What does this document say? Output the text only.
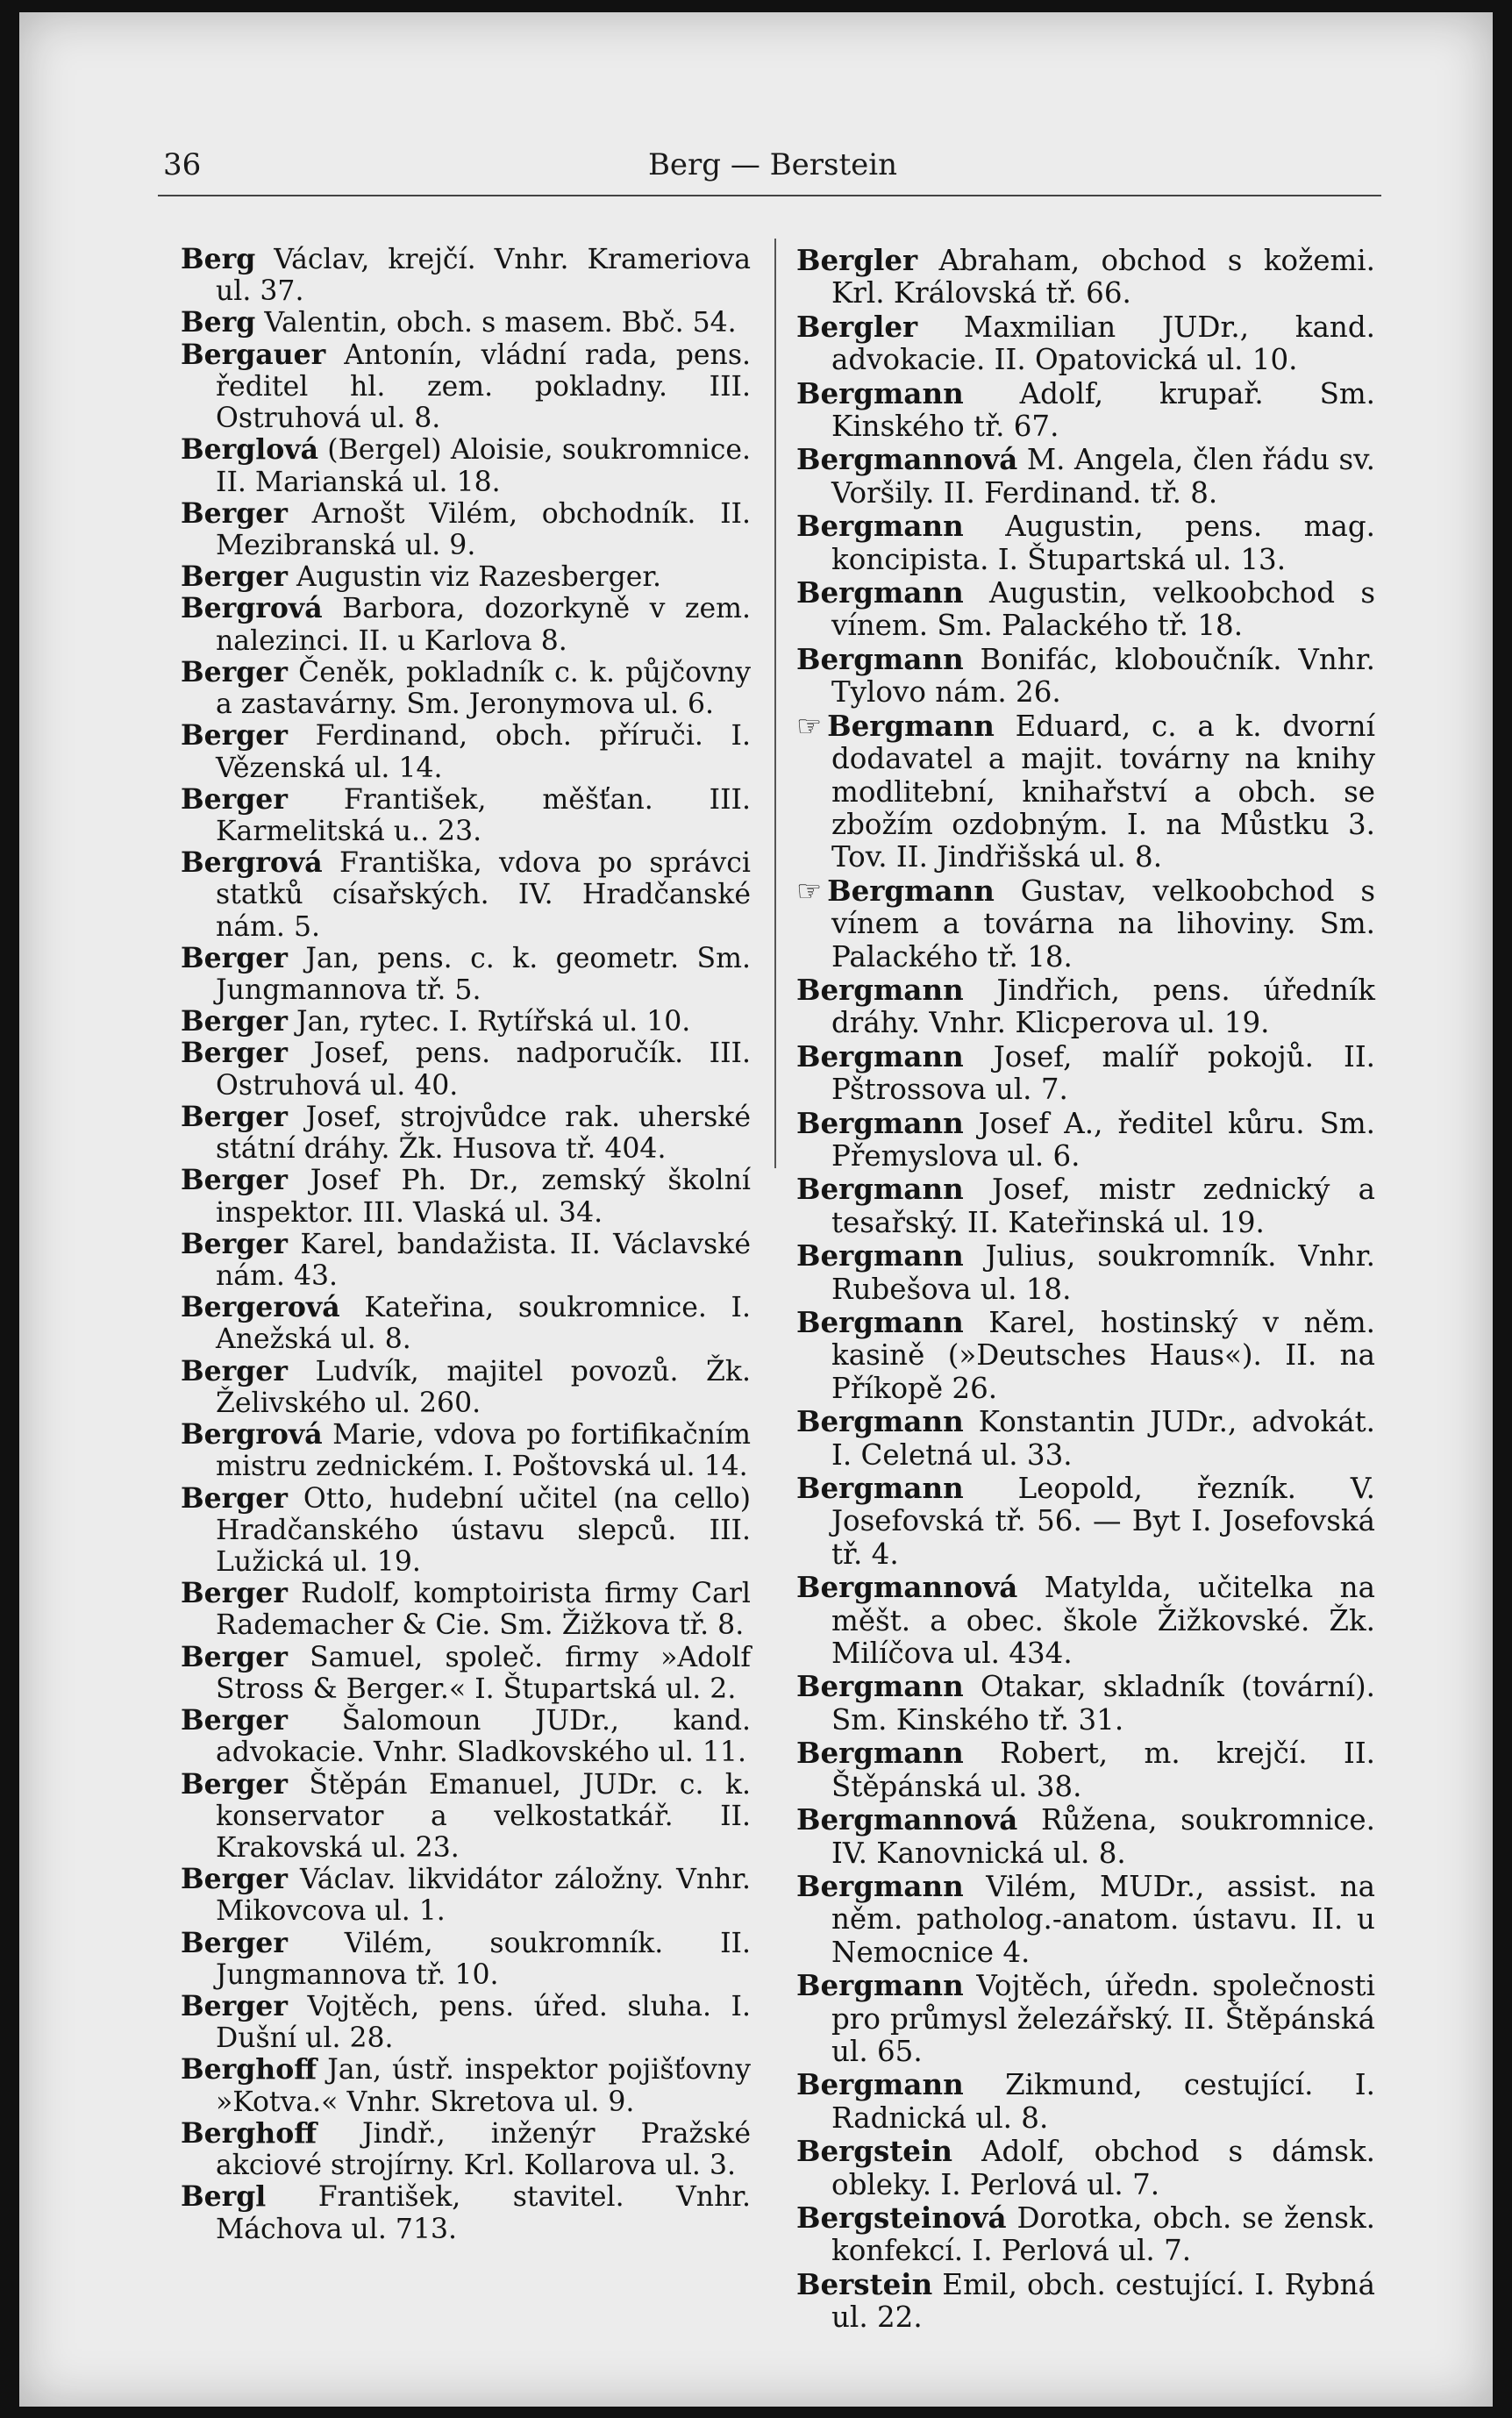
36	Berg — Berstein

Berg Václav, krejčí. Vnhr. Krameriova ul. 37.

Berg Valentin, obch. s masem. Bbč. 54.

Bergauer Antonín, vládní rada, pens. ředitel hl. zem. pokladny. III. Ostruhová ul. 8.

Berglová (Bergel) Aloisie, soukromnice. II. Marianská ul. 18.

Berger Arnošt Vilém, obchodník. II. Mezibranská ul. 9.

Berger Augustin viz Razesberger.

Bergrová Barbora, dozorkyně v zem. nalezinci. II. u Karlova 8.

Berger Čeněk, pokladník c. k. půjčovny a zastavárny. Sm. Jeronymova ul. 6.

Berger Ferdinand, obch. příruči. I. Vězenská ul. 14.

Berger František, měšťan. III. Karmelitská u.. 23.

Bergrová Františka, vdova po správci statků císařských. IV. Hradčanské nám. 5.

Berger Jan, pens. c. k. geometr. Sm. Jungmannova tř. 5.

Berger Jan, rytec. I. Rytířská ul. 10.

Berger Josef, pens. nadporučík. III. Ostruhová ul. 40.

Berger Josef, strojvůdce rak. uherské státní dráhy. Žk. Husova tř. 404.

Berger Josef Ph. Dr., zemský školní inspektor. III. Vlaská ul. 34.

Berger Karel, bandažista. II. Václavské nám. 43.

Bergerová Kateřina, soukromnice. I. Anežská ul. 8.

Berger Ludvík, majitel povozů. Žk. Želivského ul. 260.

Bergrová Marie, vdova po fortifikačním mistru zednickém. I. Poštovská ul. 14.

Berger Otto, hudební učitel (na cello) Hradčanského ústavu slepců. III. Lužická ul. 19.

Berger Rudolf, komptoirista firmy Carl Rademacher & Cie. Sm. Žižkova tř. 8.

Berger Samuel, společ. firmy »Adolf Stross & Berger.« I. Štupartská ul. 2.

Berger Šalomoun JUDr., kand. advokacie. Vnhr. Sladkovského ul. 11.

Berger Štěpán Emanuel, JUDr. c. k. konservator a velkostatkář. II. Krakovská ul. 23.

Berger Václav. likvidátor záložny. Vnhr. Mikovcova ul. 1.

Berger Vilém, soukromník. II. Jungmannova tř. 10.

Berger Vojtěch, pens. úřed. sluha. I. Dušní ul. 28.

Berghoff Jan, ústř. inspektor pojišťovny »Kotva.« Vnhr. Skretova ul. 9.

Berghoff Jindř., inženýr Pražské akciové strojírny. Krl. Kollarova ul. 3.

Bergl František, stavitel. Vnhr. Máchova ul. 713.

Bergler Abraham, obchod s kožemi. Krl. Královská tř. 66.

Bergler Maxmilian JUDr., kand. advokacie. II. Opatovická ul. 10.

Bergmann Adolf, krupař. Sm. Kinského tř. 67.

Bergmannová M. Angela, člen řádu sv. Voršily. II. Ferdinand. tř. 8.

Bergmann Augustin, pens. mag. koncipista. I. Štupartská ul. 13.

Bergmann Augustin, velkoobchod s vínem. Sm. Palackého tř. 18.

Bergmann Bonifác, kloboučník. Vnhr. Tylovo nám. 26.

☞ Bergmann Eduard, c. a k. dvorní dodavatel a majit. továrny na knihy modlitební, knihařství a obch. se zbožím ozdobným. I. na Můstku 3. Tov. II. Jindřišská ul. 8.

☞ Bergmann Gustav, velkoobchod s vínem a továrna na lihoviny. Sm. Palackého tř. 18.

Bergmann Jindřich, pens. úředník dráhy. Vnhr. Klicperova ul. 19.

Bergmann Josef, malíř pokojů. II. Pštrossova ul. 7.

Bergmann Josef A., ředitel kůru. Sm. Přemyslova ul. 6.

Bergmann Josef, mistr zednický a tesařský. II. Kateřinská ul. 19.

Bergmann Julius, soukromník. Vnhr. Rubešova ul. 18.

Bergmann Karel, hostinský v něm. kasině (»Deutsches Haus«). II. na Příkopě 26.

Bergmann Konstantin JUDr., advokát. I. Celetná ul. 33.

Bergmann Leopold, řezník. V. Josefovská tř. 56. — Byt I. Josefovská tř. 4.

Bergmannová Matylda, učitelka na měšt. a obec. škole Žižkovské. Žk. Milíčova ul. 434.

Bergmann Otakar, skladník (tovární). Sm. Kinského tř. 31.

Bergmann Robert, m. krejčí. II. Štěpánská ul. 38.

Bergmannová Růžena, soukromnice. IV. Kanovnická ul. 8.

Bergmann Vilém, MUDr., assist. na něm. patholog.-anatom. ústavu. II. u Nemocnice 4.

Bergmann Vojtěch, úředn. společnosti pro průmysl železářský. II. Štěpánská ul. 65.

Bergmann Zikmund, cestující. I. Radnická ul. 8.

Bergstein Adolf, obchod s dámsk. obleky. I. Perlová ul. 7.

Bergsteinová Dorotka, obch. se žensk. konfekcí. I. Perlová ul. 7.

Berstein Emil, obch. cestující. I. Rybná ul. 22.
